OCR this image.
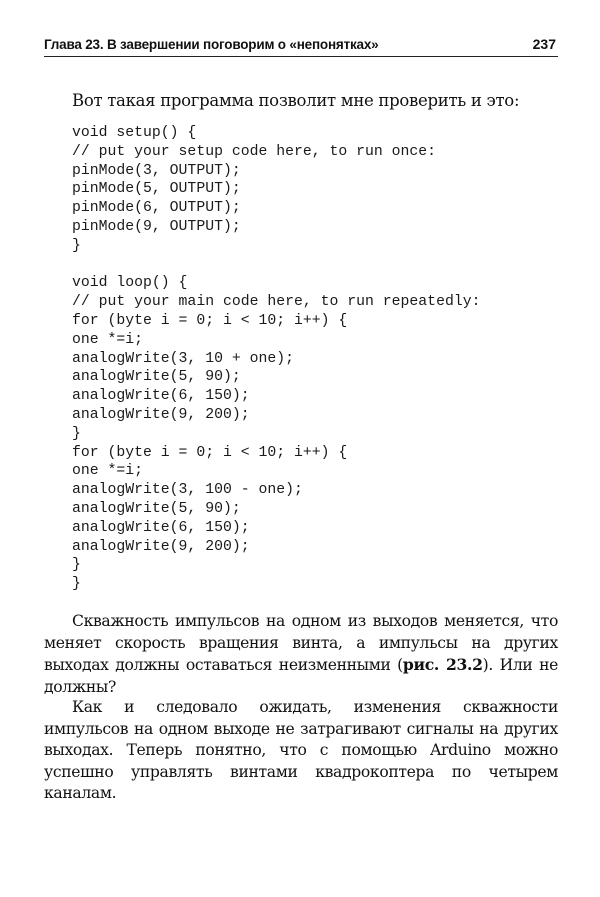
Глава 23. В завершении поговорим о «непонятках»	237

Вот такая программа позволит мне проверить и это:

void setup() {
// put your setup code here, to run once:
pinMode(3, OUTPUT);
pinMode(5, OUTPUT);
pinMode(6, OUTPUT);
pinMode(9, OUTPUT);
}
void loop() {
// put your main code here, to run repeatedly:
for (byte i = 0; i < 10; i++) {
one *=i;
analogWrite(3, 10 + one);
analogWrite(5, 90);
analogWrite(6, 150);
analogWrite(9, 200);
}
for (byte i = 0; i < 10; i++) {
one *=i;
analogWrite(3, 100 - one);
analogWrite(5, 90);
analogWrite(6, 150);
analogWrite(9, 200);
}
}

Скважность импульсов на одном из выходов меняется, что меняет скорость вращения винта, а импульсы на других выходах должны оставаться неизменными (рис. 23.2). Или не должны?

Как и следовало ожидать, изменения скважности импульсов на одном выходе не затрагивают сигналы на других выходах. Теперь понятно, что с помощью Arduino можно успешно управлять винтами квадрокоптера по четырем каналам.
